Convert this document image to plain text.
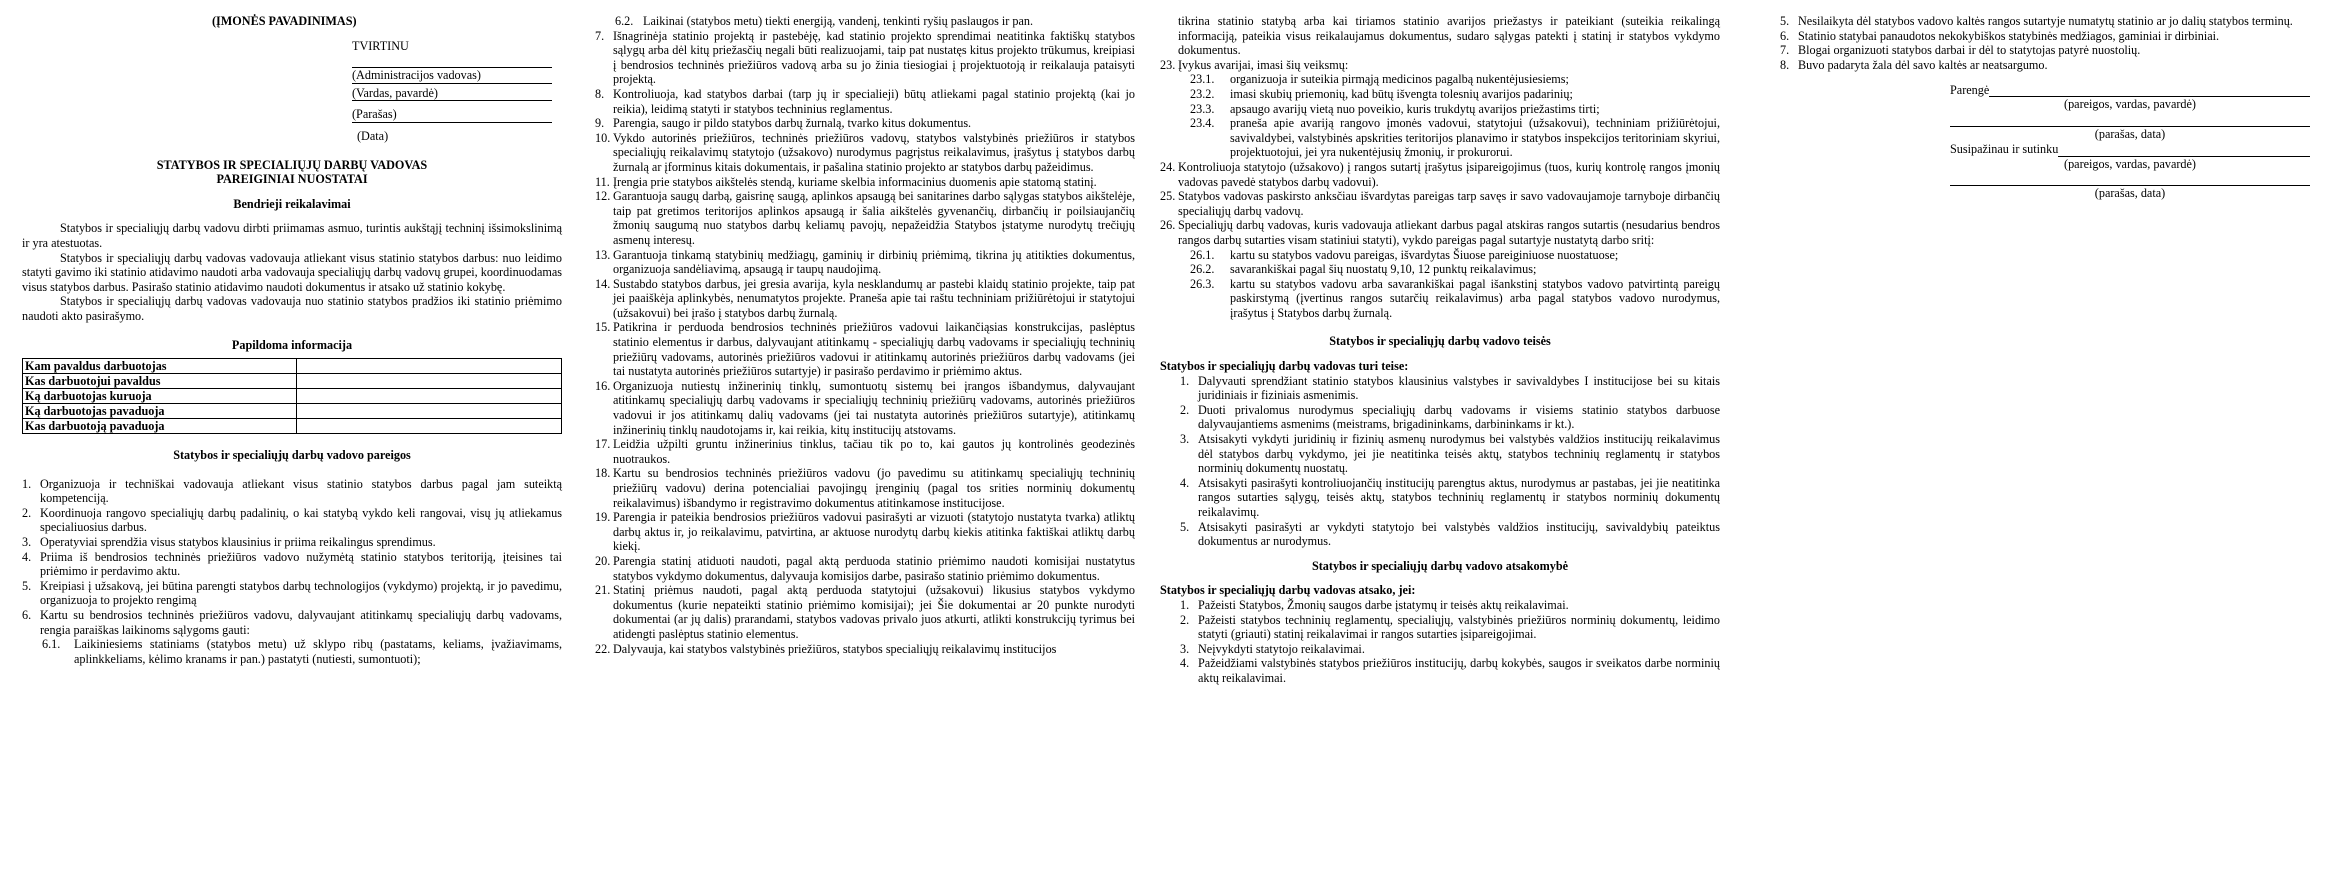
(ĮMONĖS PAVADINIMAS)

TVIRTINU

(Administracijos vadovas)

(Vardas, pavardė)

(Parašas)

(Data)

STATYBOS IR SPECIALIŲJŲ DARBŲ VADOVAS

PAREIGINIAI NUOSTATAI

Bendrieji reikalavimai

Statybos ir specialiųjų darbų vadovu dirbti priimamas asmuo, turintis aukštąjį techninį išsimokslinimą ir yra atestuotas.

Statybos ir specialiųjų darbų vadovas vadovauja atliekant visus statinio statybos darbus: nuo leidimo statyti gavimo iki statinio atidavimo naudoti arba vadovauja specialiųjų darbų vadovų grupei, koordinuodamas visus statybos darbus. Pasirašo statinio atidavimo naudoti dokumentus ir atsako už statinio kokybę.

Statybos ir specialiųjų darbų vadovas vadovauja nuo statinio statybos pradžios iki statinio priėmimo naudoti akto pasirašymo.

Papildoma informacija

Kam pavaldus darbuotojas	
Kas darbuotojui pavaldus	
Ką darbuotojas kuruoja	
Ką darbuotojas pavaduoja	
Kas darbuotoją pavaduoja	

Statybos ir specialiųjų darbų vadovo pareigos

1. Organizuoja ir techniškai vadovauja atliekant visus statinio statybos darbus pagal jam suteiktą kompetenciją.
2. Koordinuoja rangovo specialiųjų darbų padalinių, o kai statybą vykdo keli rangovai, visų jų atliekamus specialiuosius darbus.
3. Operatyviai sprendžia visus statybos klausinius ir priima reikalingus sprendimus.
4. Priima iš bendrosios techninės priežiūros vadovo nužymėtą statinio statybos teritoriją, įteisines tai priėmimo ir perdavimo aktu.
5. Kreipiasi į užsakovą, jei būtina parengti statybos darbų technologijos (vykdymo) projektą, ir jo pavedimu, organizuoja to projekto rengimą
6. Kartu su bendrosios techninės priežiūros vadovu, dalyvaujant atitinkamų specialiųjų darbų vadovams, rengia paraiškas laikinoms sąlygoms gauti:
6.1. Laikiniesiems statiniams (statybos metu) už sklypo ribų (pastatams, keliams, įvažiavimams, aplinkkeliams, kėlimo kranams ir pan.) pastatyti (nutiesti, sumontuoti);
6.2. Laikinai (statybos metu) tiekti energiją, vandenį, tenkinti ryšių paslaugos ir pan.
7. Išnagrinėja statinio projektą ir pastebėję, kad statinio projekto sprendimai neatitinka faktiškų statybos sąlygų arba dėl kitų priežasčių negali būti realizuojami, taip pat nustatęs kitus projekto trūkumus, kreipiasi į bendrosios techninės priežiūros vadovą arba su jo žinia tiesiogiai į projektuotoją ir reikalauja pataisyti projektą.
8. Kontroliuoja, kad statybos darbai (tarp jų ir specialieji) būtų atliekami pagal statinio projektą (kai jo reikia), leidimą statyti ir statybos techninius reglamentus.
9. Parengia, saugo ir pildo statybos darbų žurnalą, tvarko kitus dokumentus.
10. Vykdo autorinės priežiūros, techninės priežiūros vadovų, statybos valstybinės priežiūros ir statybos specialiųjų reikalavimų statytojo (užsakovo) nurodymus pagrįstus reikalavimus, įrašytus į statybos darbų žurnalą ar įforminus kitais dokumentais, ir pašalina statinio projekto ar statybos darbų pažeidimus.
11. Įrengia prie statybos aikštelės stendą, kuriame skelbia informacinius duomenis apie statomą statinį.
12. Garantuoja saugų darbą, gaisrinę saugą, aplinkos apsaugą bei sanitarines darbo sąlygas statybos aikštelėje, taip pat gretimos teritorijos aplinkos apsaugą ir šalia aikštelės gyvenančių, dirbančių ir poilsiaujančių žmonių saugumą nuo statybos darbų keliamų pavojų, nepažeidžia Statybos įstatyme nurodytų trečiųjų asmenų interesų.
13. Garantuoja tinkamą statybinių medžiagų, gaminių ir dirbinių priėmimą, tikrina jų atitikties dokumentus, organizuoja sandėliavimą, apsaugą ir taupų naudojimą.
14. Sustabdo statybos darbus, jei gresia avarija, kyla nesklandumų ar pastebi klaidų statinio projekte, taip pat jei paaiškėja aplinkybės, nenumatytos projekte. Praneša apie tai raštu techniniam prižiūrėtojui ir statytojui (užsakovui) bei įrašo į statybos darbų žurnalą.
15. Patikrina ir perduoda bendrosios techninės priežiūros vadovui laikančiąsias konstrukcijas, paslėptus statinio elementus ir darbus, dalyvaujant atitinkamų - specialiųjų darbų vadovams ir specialiųjų techninių priežiūrų vadovams, autorinės priežiūros vadovui ir atitinkamų autorinės priežiūros darbų vadovams (jei tai nustatyta autorinės priežiūros sutartyje) ir pasirašo perdavimo ir priėmimo aktus.
16. Organizuoja nutiestų inžinerinių tinklų, sumontuotų sistemų bei įrangos išbandymus, dalyvaujant atitinkamų specialiųjų darbų vadovams ir specialiųjų techninių priežiūrų vadovams, autorinės priežiūros vadovui ir jos atitinkamų dalių vadovams (jei tai nustatyta autorinės priežiūros sutartyje), atitinkamų inžinerinių tinklų naudotojams ir, kai reikia, kitų institucijų atstovams.
17. Leidžia užpilti gruntu inžinerinius tinklus, tačiau tik po to, kai gautos jų kontrolinės geodezinės nuotraukos.
18. Kartu su bendrosios techninės priežiūros vadovu (jo pavedimu su atitinkamų specialiųjų techninių priežiūrų vadovu) derina potencialiai pavojingų įrenginių (pagal tos srities norminių dokumentų reikalavimus) išbandymo ir registravimo dokumentus atitinkamose institucijose.
19. Parengia ir pateikia bendrosios priežiūros vadovui pasirašyti ar vizuoti (statytojo nustatyta tvarka) atliktų darbų aktus ir, jo reikalavimu, patvirtina, ar aktuose nurodytų darbų kiekis atitinka faktiškai atliktų darbų kiekį.
20. Parengia statinį atiduoti naudoti, pagal aktą perduoda statinio priėmimo naudoti komisijai nustatytus statybos vykdymo dokumentus, dalyvauja komisijos darbe, pasirašo statinio priėmimo dokumentus.
21. Statinį priėmus naudoti, pagal aktą perduoda statytojui (užsakovui) likusius statybos vykdymo dokumentus (kurie nepateikti statinio priėmimo komisijai); jei Šie dokumentai ar 20 punkte nurodyti dokumentai (ar jų dalis) prarandami, statybos vadovas privalo juos atkurti, atlikti konstrukcijų tyrimus bei atidengti paslėptus statinio elementus.
22. Dalyvauja, kai statybos valstybinės priežiūros, statybos specialiųjų reikalavimų institucijos

tikrina statinio statybą arba kai tiriamos statinio avarijos priežastys ir pateikiant (suteikia reikalingą informaciją, pateikia visus reikalaujamus dokumentus, sudaro sąlygas patekti į statinį ir statybos vykdymo dokumentus.

23. Įvykus avarijai, imasi šių veiksmų:
23.1. organizuoja ir suteikia pirmąją medicinos pagalbą nukentėjusiesiems;
23.2. imasi skubių priemonių, kad būtų išvengta tolesnių avarijos padarinių;
23.3. apsaugo avarijų vietą nuo poveikio, kuris trukdytų avarijos priežastims tirti;
23.4. praneša apie avariją rangovo įmonės vadovui, statytojui (užsakovui), techniniam prižiūrėtojui, savivaldybei, valstybinės apskrities teritorijos planavimo ir statybos inspekcijos teritoriniam skyriui, projektuotojui, jei yra nukentėjusių žmonių, ir prokurorui.
24. Kontroliuoja statytojo (užsakovo) į rangos sutartį įrašytus įsipareigojimus (tuos, kurių kontrolę rangos įmonių vadovas pavedė statybos darbų vadovui).
25. Statybos vadovas paskirsto anksčiau išvardytas pareigas tarp savęs ir savo vadovaujamoje tarnyboje dirbančių specialiųjų darbų vadovų.
26. Specialiųjų darbų vadovas, kuris vadovauja atliekant darbus pagal atskiras rangos sutartis (nesudarius bendros rangos darbų sutarties visam statiniui statyti), vykdo pareigas pagal sutartyje nustatytą darbo sritį:
26.1. kartu su statybos vadovu pareigas, išvardytas Šiuose pareiginiuose nuostatuose;
26.2. savarankiškai pagal šių nuostatų 9,10, 12 punktų reikalavimus;
26.3. kartu su statybos vadovu arba savarankiškai pagal išankstinį statybos vadovo patvirtintą pareigų paskirstymą (įvertinus rangos sutarčių reikalavimus) arba pagal statybos vadovo nurodymus, įrašytus į Statybos darbų žurnalą.

Statybos ir specialiųjų darbų vadovo teisės

Statybos ir specialiųjų darbų vadovas turi teise:

1. Dalyvauti sprendžiant statinio statybos klausinius valstybes ir savivaldybes I institucijose bei su kitais juridiniais ir fiziniais asmenimis.
2. Duoti privalomus nurodymus specialiųjų darbų vadovams ir visiems statinio statybos darbuose dalyvaujantiems asmenims (meistrams, brigadininkams, darbininkams ir kt.).
3. Atsisakyti vykdyti juridinių ir fizinių asmenų nurodymus bei valstybės valdžios institucijų reikalavimus dėl statybos darbų vykdymo, jei jie neatitinka teisės aktų, statybos techninių reglamentų ir statybos norminių dokumentų nuostatų.
4. Atsisakyti pasirašyti kontroliuojančių institucijų parengtus aktus, nurodymus ar pastabas, jei jie neatitinka rangos sutarties sąlygų, teisės aktų, statybos techninių reglamentų ir statybos norminių dokumentų reikalavimų.
5. Atsisakyti pasirašyti ar vykdyti statytojo bei valstybės valdžios institucijų, savivaldybių pateiktus dokumentus ar nurodymus.

Statybos ir specialiųjų darbų vadovo atsakomybė

Statybos ir specialiųjų darbų vadovas atsako, jei:

1. Pažeisti Statybos, Žmonių saugos darbe įstatymų ir teisės aktų reikalavimai.
2. Pažeisti statybos techninių reglamentų, specialiųjų, valstybinės priežiūros norminių dokumentų, leidimo statyti (griauti) statinį reikalavimai ir rangos sutarties įsipareigojimai.
3. Neįvykdyti statytojo reikalavimai.
4. Pažeidžiami valstybinės statybos priežiūros institucijų, darbų kokybės, saugos ir sveikatos darbe norminių aktų reikalavimai.
5. Nesilaikyta dėl statybos vadovo kaltės rangos sutartyje numatytų statinio ar jo dalių statybos terminų.
6. Statinio statybai panaudotos nekokybiškos statybinės medžiagos, gaminiai ir dirbiniai.
7. Blogai organizuoti statybos darbai ir dėl to statytojas patyrė nuostolių.
8. Buvo padaryta žala dėl savo kaltės ar neatsargumo.
Parengė

(pareigos, vardas, pavardė)

(parašas, data)

Susipažinau ir sutinku

(pareigos, vardas, pavardė)

(parašas, data)
